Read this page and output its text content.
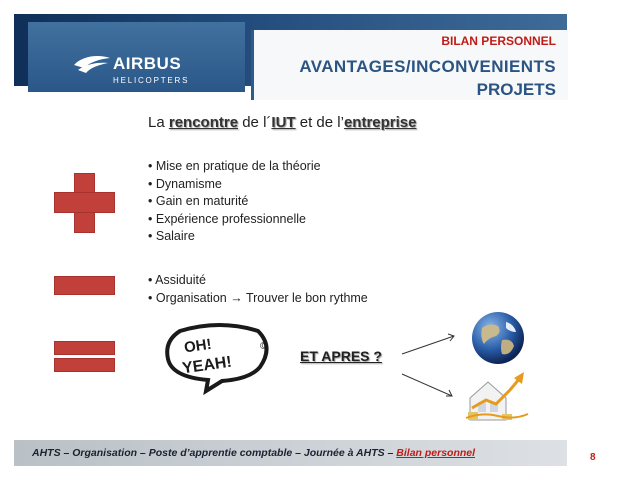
AIRBUS
HELICOPTERS
BILAN PERSONNEL
AVANTAGES/INCONVENIENTS
PROJETS
La rencontre de l´IUT et de l’entreprise
• Mise en pratique de la théorie
• Dynamisme
• Gain en maturité
• Expérience professionnelle
• Salaire
• Assiduité
• Organisation → Trouver le bon rythme
OH!
YEAH!
©
ET APRES ?
AHTS – Organisation – Poste d’apprentie comptable – Journée à AHTS – Bilan personnel	8
